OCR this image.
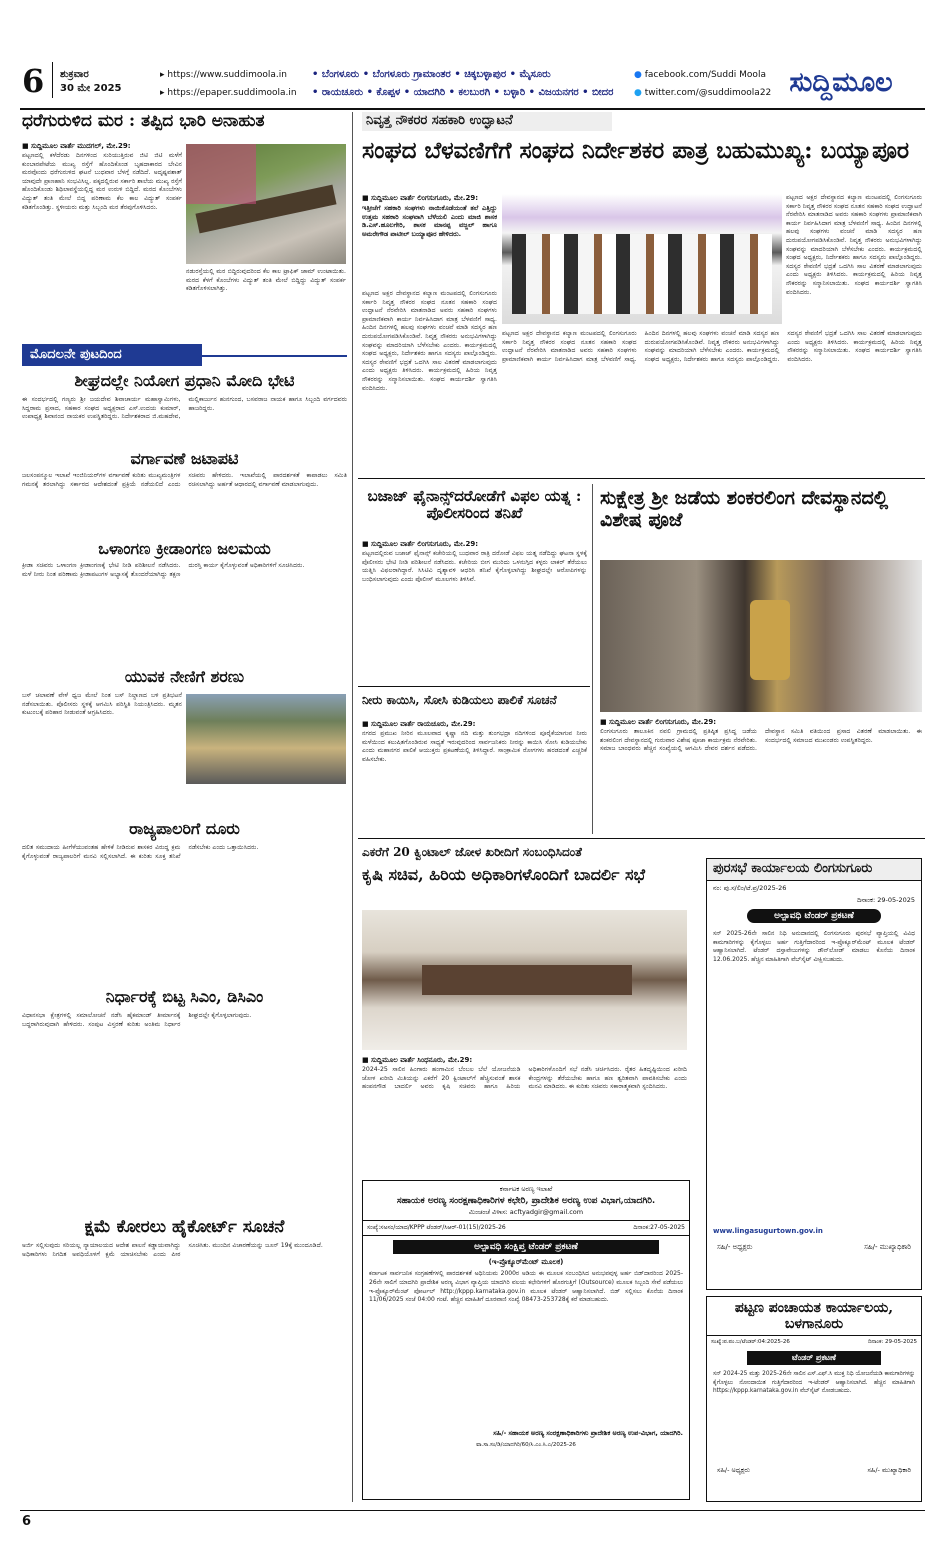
6 ಶುಕ್ರವಾರ
30 ಮೇ 2025
▸ https://www.suddimoola.in
▸ https://epaper.suddimoola.in
• ಬೆಂಗಳೂರು • ಬೆಂಗಳೂರು ಗ್ರಾಮಾಂತರ • ಚಿಕ್ಕಬಳ್ಳಾಪುರ • ಮೈಸೂರು
• ರಾಯಚೂರು • ಕೊಪ್ಪಳ • ಯಾದಗಿರಿ • ಕಲಬುರಗಿ • ಬಳ್ಳಾರಿ • ವಿಜಯನಗರ • ಬೀದರ
● facebook.com/Suddi Moola
● twitter.com/@suddimoola22 ಸುದ್ದಿಮೂಲ
ಧರೆಗುರುಳಿದ ಮರ : ತಪ್ಪಿದ ಭಾರಿ ಅನಾಹುತ
■ ಸುದ್ದಿಮೂಲ ವಾರ್ತೆ ಮುದಗಲ್, ಮೇ.29:
ಪಟ್ಟಣದಲ್ಲಿ ಕಳೆದೆರಡು ದಿನಗಳಿಂದ ಸುರಿಯುತ್ತಿರುವ ಜಿಟಿ ಜಿಟಿ ಮಳೆಗೆ ಕುಂಬಾರಪೇಟೆಯ ಮುಖ್ಯ ರಸ್ತೆಗೆ ಹೊಂದಿಕೊಂಡ ಬೃಹದಾಕಾರದ ಬೇವಿನ ಮರವೊಂದು ಧರೆಗುರುಳಿದ ಘಟನೆ ಬುಧವಾರ ಬೆಳಗ್ಗೆ ನಡೆದಿದೆ. ಅದೃಷ್ಟವಶಾತ್ ಯಾವುದೇ ಪ್ರಾಣಹಾನಿ ಸಂಭವಿಸಿಲ್ಲ. ಪಕ್ಕದಲ್ಲಿರುವ ಸರ್ಕಾರಿ ಶಾಲೆಯ ಮುಖ್ಯ ರಸ್ತೆಗೆ ಹೊಂದಿಕೊಂಡು ಶಿಥಿಲಾವಸ್ಥೆಯಲ್ಲಿದ್ದ ಮರ ಉರುಳಿ ಬಿದ್ದಿದೆ. ಮರದ ಕೊಂಬೆಗಳು ವಿದ್ಯುತ್ ತಂತಿ ಮೇಲೆ ಬಿದ್ದ ಪರಿಣಾಮ ಕೆಲ ಕಾಲ ವಿದ್ಯುತ್ ಸಂಪರ್ಕ ಕಡಿತಗೊಂಡಿತ್ತು. ಸ್ಥಳೀಯರು ಮತ್ತು ಸಿಬ್ಬಂದಿ ಮರ ತೆರವುಗೊಳಿಸಿದರು.
ನಡುರಸ್ತೆಯಲ್ಲಿ ಮರ ಬಿದ್ದಿರುವುದರಿಂದ ಕೆಲ ಕಾಲ ಟ್ರಾಫಿಕ್ ಜಾಮ್ ಉಂಟಾಯಿತು. ಮರದ ಕೆಳಗೆ ಕೊಂಬೆಗಳು ವಿದ್ಯುತ್ ತಂತಿ ಮೇಲೆ ಬಿದ್ದಿದ್ದು ವಿದ್ಯುತ್ ಸಂಪರ್ಕ ಕಡಿತಗೊಳಿಸಲಾಗಿತ್ತು.
ಮೊದಲನೇ ಪುಟದಿಂದ
ಶೀಘ್ರದಲ್ಲೇ ನಿಯೋಗ ಪ್ರಧಾನಿ ಮೋದಿ ಭೇಟಿ
ಈ ಸಂದರ್ಭದಲ್ಲಿ ಗಣ್ಯರು ಶ್ರೀ ಜಯದೇವ ಶಿವಾಚಾರ್ಯ ಮಹಾಸ್ವಾಮಿಗಳು, ಸಿದ್ದರಾಮ ಪ್ರಸಾದ, ಸಹಕಾರ ಸಂಘದ ಅಧ್ಯಕ್ಷರಾದ ಎಸ್.ಉದಯ ಕುಮಾರ್, ಉಪಾಧ್ಯಕ್ಷ ಶಿವಾನಂದ ನಾಯಕರ ಉಪಸ್ಥಿತರಿದ್ದರು. ನಿರ್ದೇಶಕರಾದ ಜಿ.ಮಹದೇವ, ಮಲ್ಲಿಕಾರ್ಜುನ ಹುನಗುಂದ, ಬಸವರಾಜ ನಾಯಕ ಹಾಗೂ ಸಿಬ್ಬಂದಿ ವರ್ಗದವರು ಹಾಜರಿದ್ದರು.
ವರ್ಗಾವಣೆ ಜಟಾಪಟಿ
ಜಲಸಂಪನ್ಮೂಲ ಇಲಾಖೆ ಇಂಜಿನಿಯರ್‌ಗಳ ವರ್ಗಾವಣೆ ಕುರಿತು ಮುಖ್ಯಮಂತ್ರಿಗಳ ಗಮನಕ್ಕೆ ತರಲಾಗಿದ್ದು ಸರ್ಕಾರದ ಆದೇಶದಂತೆ ಪ್ರಕ್ರಿಯೆ ನಡೆಯಲಿದೆ ಎಂದು ಸಚಿವರು ಹೇಳಿದರು. ಇಲಾಖೆಯಲ್ಲಿ ಪಾರದರ್ಶಕತೆ ಕಾಪಾಡಲು ಸಮಿತಿ ರಚಿಸಲಾಗಿದ್ದು ಅರ್ಹತೆ ಆಧಾರದಲ್ಲಿ ವರ್ಗಾವಣೆ ಮಾಡಲಾಗುವುದು.
ಒಳಾಂಗಣ ಕ್ರೀಡಾಂಗಣ ಜಲಮಯ
ಕ್ರೀಡಾ ಸಚಿವರು ಒಳಾಂಗಣ ಕ್ರೀಡಾಂಗಣಕ್ಕೆ ಭೇಟಿ ನೀಡಿ ಪರಿಶೀಲನೆ ನಡೆಸಿದರು. ಮಳೆ ನೀರು ನಿಂತ ಪರಿಣಾಮ ಕ್ರೀಡಾಪಟುಗಳ ಅಭ್ಯಾಸಕ್ಕೆ ತೊಂದರೆಯಾಗಿದ್ದು ತಕ್ಷಣ ದುರಸ್ತಿ ಕಾರ್ಯ ಕೈಗೊಳ್ಳುವಂತೆ ಅಧಿಕಾರಿಗಳಿಗೆ ಸೂಚಿಸಿದರು.
ಯುವಕ ನೇಣಿಗೆ ಶರಣು
ಬಸ್ ಚಲಾವಣೆ ವೇಳೆ ಧ್ವಜ ಮೇಲೆ ನಿಂತ ಬಸ್ ನಿಲ್ದಾಣದ ಬಳಿ ಪ್ರತಿಭಟನೆ ನಡೆಸಲಾಯಿತು. ಪೊಲೀಸರು ಸ್ಥಳಕ್ಕೆ ಆಗಮಿಸಿ ಪರಿಸ್ಥಿತಿ ನಿಯಂತ್ರಿಸಿದರು. ಮೃತನ ಕುಟುಂಬಕ್ಕೆ ಪರಿಹಾರ ನೀಡುವಂತೆ ಆಗ್ರಹಿಸಿದರು.
ರಾಜ್ಯಪಾಲರಿಗೆ ದೂರು
ದಲಿತ ಸಮುದಾಯ ಹೀಗೆಳೆಯುವಂತಹ ಹೇಳಿಕೆ ನೀಡಿರುವ ಶಾಸಕರ ವಿರುದ್ಧ ಕ್ರಮ ಕೈಗೊಳ್ಳುವಂತೆ ರಾಜ್ಯಪಾಲರಿಗೆ ಮನವಿ ಸಲ್ಲಿಸಲಾಗಿದೆ. ಈ ಕುರಿತು ಸೂಕ್ತ ತನಿಖೆ ನಡೆಸಬೇಕು ಎಂದು ಒತ್ತಾಯಿಸಿದರು.
ನಿರ್ಧಾರಕ್ಕೆ ಬಿಟ್ಟ ಸಿಎಂ, ಡಿಸಿಎಂ
ವಿಧಾನಸಭಾ ಕ್ಷೇತ್ರಗಳಲ್ಲಿ ಸಮಾಲೋಚನೆ ನಡೆಸಿ ಹೈಕಮಾಂಡ್ ತೀರ್ಮಾನಕ್ಕೆ ಬದ್ಧರಾಗಿರುವುದಾಗಿ ಹೇಳಿದರು. ಸಂಪುಟ ವಿಸ್ತರಣೆ ಕುರಿತು ಅಂತಿಮ ನಿರ್ಧಾರ ಶೀಘ್ರದಲ್ಲೇ ಕೈಗೊಳ್ಳಲಾಗುವುದು.
ಕ್ಷಮೆ ಕೋರಲು ಹೈಕೋರ್ಟ್ ಸೂಚನೆ
ಅರ್ಜಿ ಸಲ್ಲಿಸುವುದು ಸರಿಯಲ್ಲ ನ್ಯಾಯಾಲಯದ ಆದೇಶ ಪಾಲನೆ ಕಡ್ಡಾಯವಾಗಿದ್ದು ಅಧಿಕಾರಿಗಳು ನಿಗದಿತ ಅವಧಿಯೊಳಗೆ ಕ್ಷಮೆ ಯಾಚಿಸಬೇಕು ಎಂದು ಪೀಠ ಸೂಚಿಸಿತು. ಮುಂದಿನ ವಿಚಾರಣೆಯನ್ನು ಜೂನ್ 19ಕ್ಕೆ ಮುಂದೂಡಿದೆ.
ನಿವೃತ್ತ ನೌಕರರ ಸಹಕಾರಿ ಉದ್ಘಾಟನೆ
ಸಂಘದ ಬೆಳವಣಿಗೆಗೆ ಸಂಘದ ನಿರ್ದೇಶಕರ ಪಾತ್ರ ಬಹುಮುಖ್ಯ: ಬಯ್ಯಾಪೂರ
■ ಸುದ್ದಿಮೂಲ ವಾರ್ತೆ ಲಿಂಗಸುಗೂರು, ಮೇ.29:
ಇತ್ತೀಚೆಗೆ ಸಹಕಾರಿ ಸಂಘಗಳು ನಾಯಿಕೊಡೆಯಂತೆ ತಲೆ ಎತ್ತಿದ್ದು ಉತ್ತಮ ಸಹಕಾರಿ ಸಂಘವಾಗಿ ಬೆಳೆಯಲಿ ಎಂದು ಮಾಜಿ ಶಾಸಕ ಡಿ.ಎಸ್.ಹೂಲಗೇರಿ, ಶಾಸಕ ಮಾನಪ್ಪ ವಜ್ಜಲ್ ಹಾಗೂ ಅಮರೇಗೌಡ ಪಾಟೀಲ್ ಬಯ್ಯಾಪೂರ ಹೇಳಿದರು.
ಪಟ್ಟಣದ ಅಕ್ಷರ ದೇವಸ್ಥಾನದ ಕಲ್ಯಾಣ ಮಂಟಪದಲ್ಲಿ ಲಿಂಗಸುಗೂರು ಸರ್ಕಾರಿ ನಿವೃತ್ತ ನೌಕರರ ಸಂಘದ ನೂತನ ಸಹಕಾರಿ ಸಂಘದ ಉದ್ಘಾಟನೆ ನೆರವೇರಿಸಿ ಮಾತನಾಡಿದ ಅವರು ಸಹಕಾರಿ ಸಂಘಗಳು ಪ್ರಾಮಾಣಿಕವಾಗಿ ಕಾರ್ಯ ನಿರ್ವಹಿಸಿದಾಗ ಮಾತ್ರ ಬೆಳವಣಿಗೆ ಸಾಧ್ಯ. ಹಿಂದಿನ ದಿನಗಳಲ್ಲಿ ಹಲವು ಸಂಘಗಳು ವಂಚನೆ ಮಾಡಿ ಸದಸ್ಯರ ಹಣ ದುರುಪಯೋಗಪಡಿಸಿಕೊಂಡಿವೆ. ನಿವೃತ್ತ ನೌಕರರು ಅನುಭವಿಗಳಾಗಿದ್ದು ಸಂಘವನ್ನು ಮಾದರಿಯಾಗಿ ಬೆಳೆಸಬೇಕು ಎಂದರು. ಕಾರ್ಯಕ್ರಮದಲ್ಲಿ ಸಂಘದ ಅಧ್ಯಕ್ಷರು, ನಿರ್ದೇಶಕರು ಹಾಗೂ ಸದಸ್ಯರು ಪಾಲ್ಗೊಂಡಿದ್ದರು. ಸದಸ್ಯರ ಠೇವಣಿಗೆ ಭದ್ರತೆ ಒದಗಿಸಿ ಸಾಲ ವಿತರಣೆ ಮಾಡಲಾಗುವುದು ಎಂದು ಅಧ್ಯಕ್ಷರು ತಿಳಿಸಿದರು. ಕಾರ್ಯಕ್ರಮದಲ್ಲಿ ಹಿರಿಯ ನಿವೃತ್ತ ನೌಕರರನ್ನು ಸನ್ಮಾನಿಸಲಾಯಿತು. ಸಂಘದ ಕಾರ್ಯದರ್ಶಿ ಸ್ವಾಗತಿಸಿ ವಂದಿಸಿದರು.
ಪಟ್ಟಣದ ಅಕ್ಷರ ದೇವಸ್ಥಾನದ ಕಲ್ಯಾಣ ಮಂಟಪದಲ್ಲಿ ಲಿಂಗಸುಗೂರು ಸರ್ಕಾರಿ ನಿವೃತ್ತ ನೌಕರರ ಸಂಘದ ನೂತನ ಸಹಕಾರಿ ಸಂಘದ ಉದ್ಘಾಟನೆ ನೆರವೇರಿಸಿ ಮಾತನಾಡಿದ ಅವರು ಸಹಕಾರಿ ಸಂಘಗಳು ಪ್ರಾಮಾಣಿಕವಾಗಿ ಕಾರ್ಯ ನಿರ್ವಹಿಸಿದಾಗ ಮಾತ್ರ ಬೆಳವಣಿಗೆ ಸಾಧ್ಯ. ಹಿಂದಿನ ದಿನಗಳಲ್ಲಿ ಹಲವು ಸಂಘಗಳು ವಂಚನೆ ಮಾಡಿ ಸದಸ್ಯರ ಹಣ ದುರುಪಯೋಗಪಡಿಸಿಕೊಂಡಿವೆ. ನಿವೃತ್ತ ನೌಕರರು ಅನುಭವಿಗಳಾಗಿದ್ದು ಸಂಘವನ್ನು ಮಾದರಿಯಾಗಿ ಬೆಳೆಸಬೇಕು ಎಂದರು. ಕಾರ್ಯಕ್ರಮದಲ್ಲಿ ಸಂಘದ ಅಧ್ಯಕ್ಷರು, ನಿರ್ದೇಶಕರು ಹಾಗೂ ಸದಸ್ಯರು ಪಾಲ್ಗೊಂಡಿದ್ದರು. ಸದಸ್ಯರ ಠೇವಣಿಗೆ ಭದ್ರತೆ ಒದಗಿಸಿ ಸಾಲ ವಿತರಣೆ ಮಾಡಲಾಗುವುದು ಎಂದು ಅಧ್ಯಕ್ಷರು ತಿಳಿಸಿದರು. ಕಾರ್ಯಕ್ರಮದಲ್ಲಿ ಹಿರಿಯ ನಿವೃತ್ತ ನೌಕರರನ್ನು ಸನ್ಮಾನಿಸಲಾಯಿತು. ಸಂಘದ ಕಾರ್ಯದರ್ಶಿ ಸ್ವಾಗತಿಸಿ ವಂದಿಸಿದರು.
ಪಟ್ಟಣದ ಅಕ್ಷರ ದೇವಸ್ಥಾನದ ಕಲ್ಯಾಣ ಮಂಟಪದಲ್ಲಿ ಲಿಂಗಸುಗೂರು ಸರ್ಕಾರಿ ನಿವೃತ್ತ ನೌಕರರ ಸಂಘದ ನೂತನ ಸಹಕಾರಿ ಸಂಘದ ಉದ್ಘಾಟನೆ ನೆರವೇರಿಸಿ ಮಾತನಾಡಿದ ಅವರು ಸಹಕಾರಿ ಸಂಘಗಳು ಪ್ರಾಮಾಣಿಕವಾಗಿ ಕಾರ್ಯ ನಿರ್ವಹಿಸಿದಾಗ ಮಾತ್ರ ಬೆಳವಣಿಗೆ ಸಾಧ್ಯ. ಹಿಂದಿನ ದಿನಗಳಲ್ಲಿ ಹಲವು ಸಂಘಗಳು ವಂಚನೆ ಮಾಡಿ ಸದಸ್ಯರ ಹಣ ದುರುಪಯೋಗಪಡಿಸಿಕೊಂಡಿವೆ. ನಿವೃತ್ತ ನೌಕರರು ಅನುಭವಿಗಳಾಗಿದ್ದು ಸಂಘವನ್ನು ಮಾದರಿಯಾಗಿ ಬೆಳೆಸಬೇಕು ಎಂದರು. ಕಾರ್ಯಕ್ರಮದಲ್ಲಿ ಸಂಘದ ಅಧ್ಯಕ್ಷರು, ನಿರ್ದೇಶಕರು ಹಾಗೂ ಸದಸ್ಯರು ಪಾಲ್ಗೊಂಡಿದ್ದರು. ಸದಸ್ಯರ ಠೇವಣಿಗೆ ಭದ್ರತೆ ಒದಗಿಸಿ ಸಾಲ ವಿತರಣೆ ಮಾಡಲಾಗುವುದು ಎಂದು ಅಧ್ಯಕ್ಷರು ತಿಳಿಸಿದರು. ಕಾರ್ಯಕ್ರಮದಲ್ಲಿ ಹಿರಿಯ ನಿವೃತ್ತ ನೌಕರರನ್ನು ಸನ್ಮಾನಿಸಲಾಯಿತು. ಸಂಘದ ಕಾರ್ಯದರ್ಶಿ ಸ್ವಾಗತಿಸಿ ವಂದಿಸಿದರು.
ಬಜಾಜ್ ಫೈನಾನ್ಸ್‌ದರೋಡೆಗೆ ವಿಫಲ ಯತ್ನ : ಪೊಲೀಸರಿಂದ ತನಿಖೆ
■ ಸುದ್ದಿಮೂಲ ವಾರ್ತೆ ಲಿಂಗಸುಗೂರು, ಮೇ.29:
ಪಟ್ಟಣದಲ್ಲಿರುವ ಬಜಾಜ್ ಫೈನಾನ್ಸ್ ಕಚೇರಿಯಲ್ಲಿ ಬುಧವಾರ ರಾತ್ರಿ ದರೋಡೆ ವಿಫಲ ಯತ್ನ ನಡೆದಿದ್ದು ಘಟನಾ ಸ್ಥಳಕ್ಕೆ ಪೊಲೀಸರು ಭೇಟಿ ನೀಡಿ ಪರಿಶೀಲನೆ ನಡೆಸಿದರು. ಕಚೇರಿಯ ಬೀಗ ಮುರಿದು ಒಳನುಗ್ಗಿದ ಕಳ್ಳರು ಲಾಕರ್ ತೆರೆಯಲು ಯತ್ನಿಸಿ ವಿಫಲರಾಗಿದ್ದಾರೆ. ಸಿಸಿಟಿವಿ ದೃಶ್ಯಾವಳಿ ಆಧರಿಸಿ ತನಿಖೆ ಕೈಗೊಳ್ಳಲಾಗಿದ್ದು ಶೀಘ್ರದಲ್ಲೇ ಆರೋಪಿಗಳನ್ನು ಬಂಧಿಸಲಾಗುವುದು ಎಂದು ಪೊಲೀಸ್ ಮೂಲಗಳು ತಿಳಿಸಿವೆ.
ನೀರು ಕಾಯಿಸಿ, ಸೋಸಿ ಕುಡಿಯಲು ಪಾಲಿಕೆ ಸೂಚನೆ
■ ಸುದ್ದಿಮೂಲ ವಾರ್ತೆ ರಾಯಚೂರು, ಮೇ.29:
ನಗರದ ಪ್ರಮುಖ ನೀರಿನ ಮೂಲವಾದ ಕೃಷ್ಣಾ ನದಿ ಮತ್ತು ತುಂಗಭದ್ರಾ ನದಿಗಳಿಂದ ಪೂರೈಕೆಯಾಗುವ ನೀರು ಮಳೆಯಿಂದ ಕಲುಷಿತಗೊಂಡಿರುವ ಸಾಧ್ಯತೆ ಇರುವುದರಿಂದ ಸಾರ್ವಜನಿಕರು ನೀರನ್ನು ಕಾಯಿಸಿ ಸೋಸಿ ಕುಡಿಯಬೇಕು ಎಂದು ಮಹಾನಗರ ಪಾಲಿಕೆ ಆಯುಕ್ತರು ಪ್ರಕಟಣೆಯಲ್ಲಿ ತಿಳಿಸಿದ್ದಾರೆ. ಸಾಂಕ್ರಾಮಿಕ ರೋಗಗಳು ಹರಡದಂತೆ ಎಚ್ಚರಿಕೆ ವಹಿಸಬೇಕು.
ಸುಕ್ಷೇತ್ರ ಶ್ರೀ ಜಡೆಯ ಶಂಕರಲಿಂಗ ದೇವಸ್ಥಾನದಲ್ಲಿ ವಿಶೇಷ ಪೂಜೆ
■ ಸುದ್ದಿಮೂಲ ವಾರ್ತೆ ಲಿಂಗಸುಗೂರು, ಮೇ.29:
ಲಿಂಗಸುಗೂರು ತಾಲೂಕಿನ ನವಲಿ ಗ್ರಾಮದಲ್ಲಿ ಪ್ರತಿಷ್ಠಿತ ಪ್ರಸಿದ್ಧ ಜಡೆಯ ಶಂಕರಲಿಂಗ ದೇವಸ್ಥಾನದಲ್ಲಿ ಗುರುವಾರ ವಿಶೇಷ ಪೂಜಾ ಕಾರ್ಯಕ್ರಮ ನೆರವೇರಿತು. ಸಮಾಜ ಬಾಂಧವರು ಹೆಚ್ಚಿನ ಸಂಖ್ಯೆಯಲ್ಲಿ ಆಗಮಿಸಿ ದೇವರ ದರ್ಶನ ಪಡೆದರು. ದೇವಸ್ಥಾನ ಸಮಿತಿ ವತಿಯಿಂದ ಪ್ರಸಾದ ವಿತರಣೆ ಮಾಡಲಾಯಿತು. ಈ ಸಂದರ್ಭದಲ್ಲಿ ಸಮಾಜದ ಮುಖಂಡರು ಉಪಸ್ಥಿತರಿದ್ದರು.
ಎಕರೆಗೆ 20 ಕ್ವಿಂಟಾಲ್ ಜೋಳ ಖರೀದಿಗೆ ಸಂಬಂಧಿಸಿದಂತೆ
ಕೃಷಿ ಸಚಿವ, ಹಿರಿಯ ಅಧಿಕಾರಿಗಳೊಂದಿಗೆ ಬಾದರ್ಲಿ ಸಭೆ
■ ಸುದ್ದಿಮೂಲ ವಾರ್ತೆ ಸಿಂಧನೂರು, ಮೇ.29:
2024-25 ಸಾಲಿನ ಹಿಂಗಾರು ಹಂಗಾಮಿನ ಬೆಂಬಲ ಬೆಲೆ ಯೋಜನೆಯಡಿ ಜೋಳ ಖರೀದಿ ಮಿತಿಯನ್ನು ಎಕರೆಗೆ 20 ಕ್ವಿಂಟಾಲ್‌ಗೆ ಹೆಚ್ಚಿಸುವಂತೆ ಶಾಸಕ ಹಂಪನಗೌಡ ಬಾದರ್ಲಿ ಅವರು ಕೃಷಿ ಸಚಿವರು ಹಾಗೂ ಹಿರಿಯ ಅಧಿಕಾರಿಗಳೊಂದಿಗೆ ಸಭೆ ನಡೆಸಿ ಚರ್ಚಿಸಿದರು. ರೈತರ ಹಿತದೃಷ್ಟಿಯಿಂದ ಖರೀದಿ ಕೇಂದ್ರಗಳನ್ನು ತೆರೆಯಬೇಕು ಹಾಗೂ ಹಣ ತ್ವರಿತವಾಗಿ ಪಾವತಿಸಬೇಕು ಎಂದು ಮನವಿ ಮಾಡಿದರು. ಈ ಕುರಿತು ಸಚಿವರು ಸಕಾರಾತ್ಮಕವಾಗಿ ಸ್ಪಂದಿಸಿದರು.
ಪುರಸಭೆ ಕಾರ್ಯಾಲಯ ಲಿಂಗಸುಗೂರು
ನಂ: ಪು.ಸ/ಲಿಂ/ಟೆ.ಪ್ರ/2025-26
ದಿನಾಂಕ: 29-05-2025
ಅಲ್ಪಾವಧಿ ಟೆಂಡರ್ ಪ್ರಕಟಣೆ
ಸನ್ 2025-26ನೇ ಸಾಲಿನ ನಿಧಿ ಅನುದಾನದಲ್ಲಿ ಲಿಂಗಸುಗೂರು ಪುರಸಭೆ ವ್ಯಾಪ್ತಿಯಲ್ಲಿ ವಿವಿಧ ಕಾಮಗಾರಿಗಳನ್ನು ಕೈಗೊಳ್ಳಲು ಅರ್ಹ ಗುತ್ತಿಗೆದಾರರಿಂದ ಇ-ಪ್ರೊಕ್ಯೂರ್‌ಮೆಂಟ್ ಮೂಲಕ ಟೆಂಡರ್ ಆಹ್ವಾನಿಸಲಾಗಿದೆ. ಟೆಂಡರ್ ದಸ್ತಾವೇಜುಗಳನ್ನು ಡೌನ್‌ಲೋಡ್ ಮಾಡಲು ಕೊನೆಯ ದಿನಾಂಕ 12.06.2025. ಹೆಚ್ಚಿನ ಮಾಹಿತಿಗಾಗಿ ವೆಬ್‌ಸೈಟ್ ವೀಕ್ಷಿಸಬಹುದು.
www.lingasugurtown.gov.in
ಸಹಿ/- ಅಧ್ಯಕ್ಷರು	ಸಹಿ/- ಮುಖ್ಯಾಧಿಕಾರಿ
ಕರ್ನಾಟಕ ಅರಣ್ಯ ಇಲಾಖೆ
ಸಹಾಯಕ ಅರಣ್ಯ ಸಂರಕ್ಷಣಾಧಿಕಾರಿಗಳ ಕಛೇರಿ, ಪ್ರಾದೇಶಿಕ ಅರಣ್ಯ ಉಪ ವಿಭಾಗ,ಯಾದಗಿರಿ.
ಮಿಂಚಂಚೆ ವಿಳಾಸ: acftyadgir@gmail.com
ಸಂಖ್ಯೆ:ಸಅಸಂ/ಯಾದ/KPPP ಟೆಂಡರ್/ಸಿಆರ್-01(15)/2025-26	ದಿನಾಂಕ:27-05-2025
ಅಲ್ಪಾವಧಿ ಸಂಕ್ಷಿಪ್ತ ಟೆಂಡರ್ ಪ್ರಕಟಣೆ
(ಇ-ಪ್ರೊಕ್ಯೂರ್‌ಮೆಂಟ್ ಮೂಲಕ)
ಕರ್ನಾಟಕ ಸಾರ್ವಜನಿಕ ಸಂಗ್ರಹಣೆಗಳಲ್ಲಿ ಪಾರದರ್ಶಕತೆ ಅಧಿನಿಯಮ 2000ರ ಅಡಿಯ ಈ ಮೂಲಕ ಸಂಬಂಧಿಸಿದ ಅನುಭವವುಳ್ಳ ಅರ್ಹ ಬಿಡ್‌ದಾರರಿಂದ 2025-26ನೇ ಸಾಲಿಗೆ ಯಾದಗಿರಿ ಪ್ರಾದೇಶಿಕ ಅರಣ್ಯ ವಿಭಾಗ ವ್ಯಾಪ್ತಿಯ ಯಾದಗಿರಿ ವಲಯ ಕಛೇರಿಗಳಿಗೆ ಹೊರಗುತ್ತಿಗೆ (Outsource) ಮೂಲಕ ಸಿಬ್ಬಂದಿ ಸೇವೆ ಪಡೆಯಲು ಇ-ಪ್ರೊಕ್ಯೂರ್‌ಮೆಂಟ್ ಪೋರ್ಟಲ್ http://kppp.karnataka.gov.in ಮೂಲಕ ಟೆಂಡರ್ ಆಹ್ವಾನಿಸಲಾಗಿದೆ. ಬಿಡ್ ಸಲ್ಲಿಸಲು ಕೊನೆಯ ದಿನಾಂಕ 11/06/2025 ಸಂಜೆ 04:00 ಗಂಟೆ. ಹೆಚ್ಚಿನ ಮಾಹಿತಿಗೆ ದೂರವಾಣಿ ಸಂಖ್ಯೆ 08473-253728ಕ್ಕೆ ಕರೆ ಮಾಡಬಹುದು.
ಸಹಿ/- ಸಹಾಯಕ ಅರಣ್ಯ ಸಂರಕ್ಷಣಾಧಿಕಾರಿಗಳು ಪ್ರಾದೇಶಿಕ ಅರಣ್ಯ ಉಪ-ವಿಭಾಗ, ಯಾದಗಿರಿ.
ವಾ.ಸಾ.ಸಂ/ಡಿ/ಯಾದಗಿರಿ/60/ಸಿ.ಎಂ.ಸಿ.ಎ/2025-26
ಪಟ್ಟಣ ಪಂಚಾಯತ ಕಾರ್ಯಾಲಯ, ಬಳಗಾನೂರು
ಸಂಖ್ಯೆ:ಪ.ಪಂ.ಬ/ಟೆಂಡರ್:04:2025-26	ದಿನಾಂಕ: 29-05-2025
ಟೆಂಡರ್ ಪ್ರಕಟಣೆ
ಸನ್ 2024-25 ಮತ್ತು 2025-26ನೇ ಸಾಲಿನ ಎಸ್.ಎಫ್.ಸಿ ಮುಕ್ತ ನಿಧಿ ಯೋಜನೆಯಡಿ ಕಾಮಗಾರಿಗಳನ್ನು ಕೈಗೊಳ್ಳಲು ನೋಂದಾಯಿತ ಗುತ್ತಿಗೆದಾರರಿಂದ ಇ-ಟೆಂಡರ್ ಆಹ್ವಾನಿಸಲಾಗಿದೆ. ಹೆಚ್ಚಿನ ಮಾಹಿತಿಗಾಗಿ https://kppp.karnataka.gov.in ವೆಬ್‌ಸೈಟ್ ನೋಡಬಹುದು.
ಸಹಿ/- ಅಧ್ಯಕ್ಷರು	ಸಹಿ/- ಮುಖ್ಯಾಧಿಕಾರಿ
6
